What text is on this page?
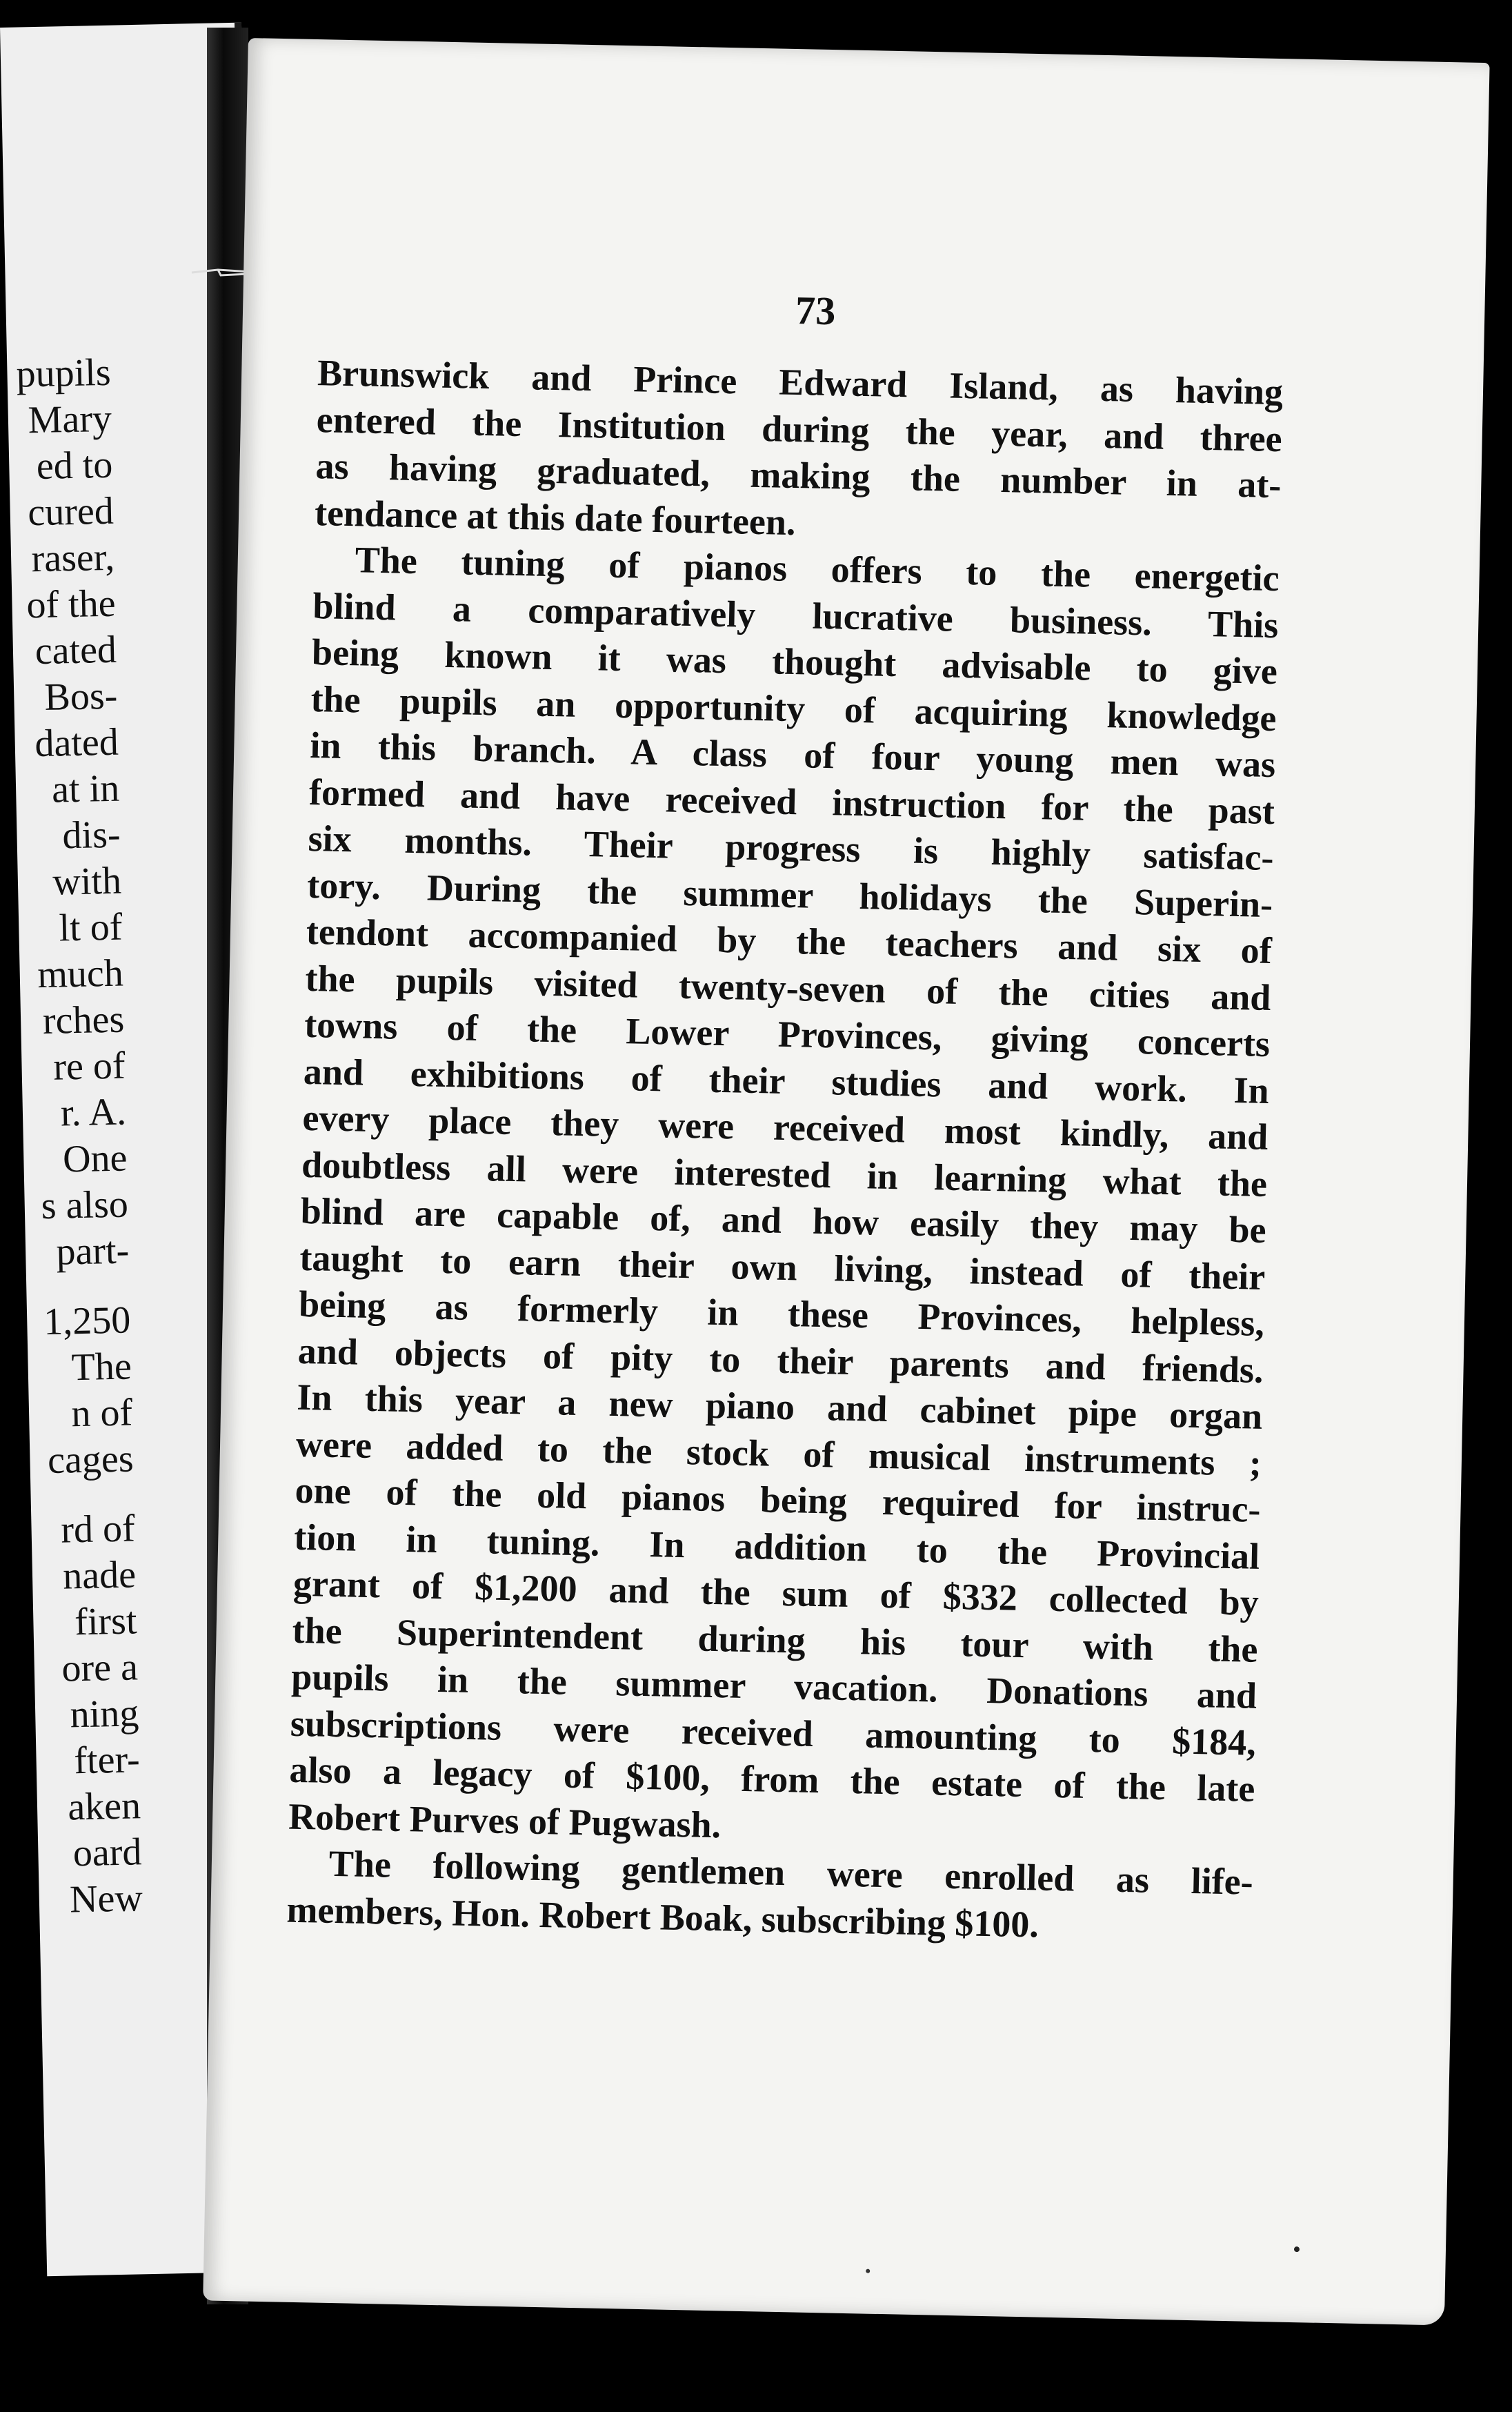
pupils
Mary
ed to
cured
raser,
of the
cated
Bos-
dated
at in
dis-
with
lt of
much
rches
re of
r. A.
One
s also
part-
1,250
The
n of
cages
rd of
nade
first
ore a
ning
fter-
aken
oard
New
73
Brunswick and Prince Edward Island, as having
entered the Institution during the year, and three
as having graduated, making the number in at-
tendance at this date fourteen.
The tuning of pianos offers to the energetic
blind a comparatively lucrative business. This
being known it was thought advisable to give
the pupils an opportunity of acquiring knowledge
in this branch. A class of four young men was
formed and have received instruction for the past
six months. Their progress is highly satisfac-
tory. During the summer holidays the Superin-
tendont accompanied by the teachers and six of
the pupils visited twenty-seven of the cities and
towns of the Lower Provinces, giving concerts
and exhibitions of their studies and work. In
every place they were received most kindly, and
doubtless all were interested in learning what the
blind are capable of, and how easily they may be
taught to earn their own living, instead of their
being as formerly in these Provinces, helpless,
and objects of pity to their parents and friends.
In this year a new piano and cabinet pipe organ
were added to the stock of musical instruments ;
one of the old pianos being required for instruc-
tion in tuning. In addition to the Provincial
grant of $1,200 and the sum of $332 collected by
the Superintendent during his tour with the
pupils in the summer vacation. Donations and
subscriptions were received amounting to $184,
also a legacy of $100, from the estate of the late
Robert Purves of Pugwash.
The following gentlemen were enrolled as life-
members, Hon. Robert Boak, subscribing $100.
